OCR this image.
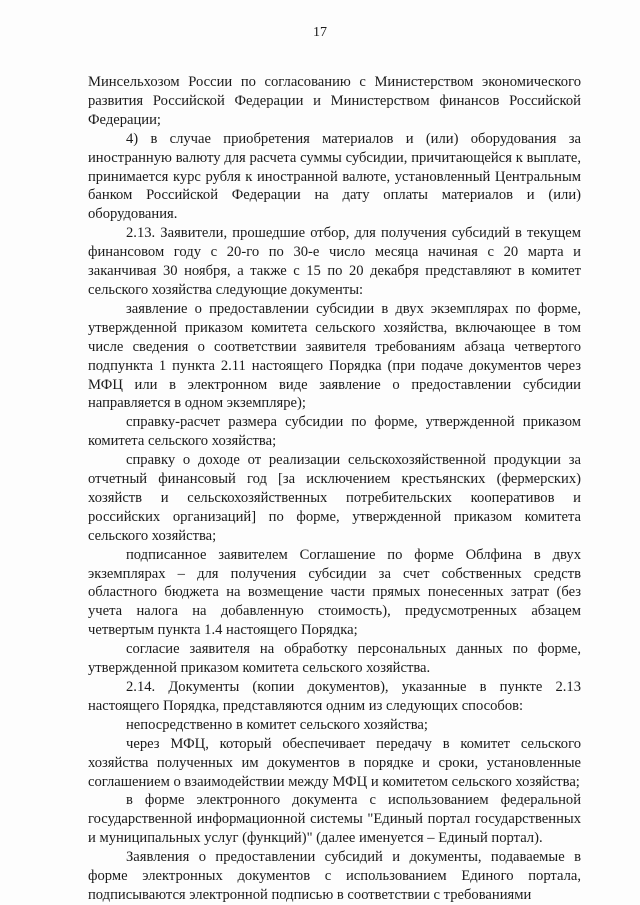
17

Минсельхозом России по согласованию с Министерством экономического развития Российской Федерации и Министерством финансов Российской Федерации;

4) в случае приобретения материалов и (или) оборудования за иностранную валюту для расчета суммы субсидии, причитающейся к выплате, принимается курс рубля к иностранной валюте, установленный Центральным банком Российской Федерации на дату оплаты материалов и (или) оборудования.

2.13. Заявители, прошедшие отбор, для получения субсидий в текущем финансовом году с 20-го по 30-е число месяца начиная с 20 марта и заканчивая 30 ноября, а также с 15 по 20 декабря представляют в комитет сельского хозяйства следующие документы:

заявление о предоставлении субсидии в двух экземплярах по форме, утвержденной приказом комитета сельского хозяйства, включающее в том числе сведения о соответствии заявителя требованиям абзаца четвертого подпункта 1 пункта 2.11 настоящего Порядка (при подаче документов через МФЦ или в электронном виде заявление о предоставлении субсидии направляется в одном экземпляре);

справку-расчет размера субсидии по форме, утвержденной приказом комитета сельского хозяйства;

справку о доходе от реализации сельскохозяйственной продукции за отчетный финансовый год [за исключением крестьянских (фермерских) хозяйств и сельскохозяйственных потребительских кооперативов и российских организаций] по форме, утвержденной приказом комитета сельского хозяйства;

подписанное заявителем Соглашение по форме Облфина в двух экземплярах – для получения субсидии за счет собственных средств областного бюджета на возмещение части прямых понесенных затрат (без учета налога на добавленную стоимость), предусмотренных абзацем четвертым пункта 1.4 настоящего Порядка;

согласие заявителя на обработку персональных данных по форме, утвержденной приказом комитета сельского хозяйства.

2.14. Документы (копии документов), указанные в пункте 2.13 настоящего Порядка, представляются одним из следующих способов:

непосредственно в комитет сельского хозяйства;

через МФЦ, который обеспечивает передачу в комитет сельского хозяйства полученных им документов в порядке и сроки, установленные соглашением о взаимодействии между МФЦ и комитетом сельского хозяйства;

в форме электронного документа с использованием федеральной государственной информационной системы "Единый портал государственных и муниципальных услуг (функций)" (далее именуется – Единый портал).

Заявления о предоставлении субсидий и документы, подаваемые в форме электронных документов с использованием Единого портала, подписываются электронной подписью в соответствии с требованиями
